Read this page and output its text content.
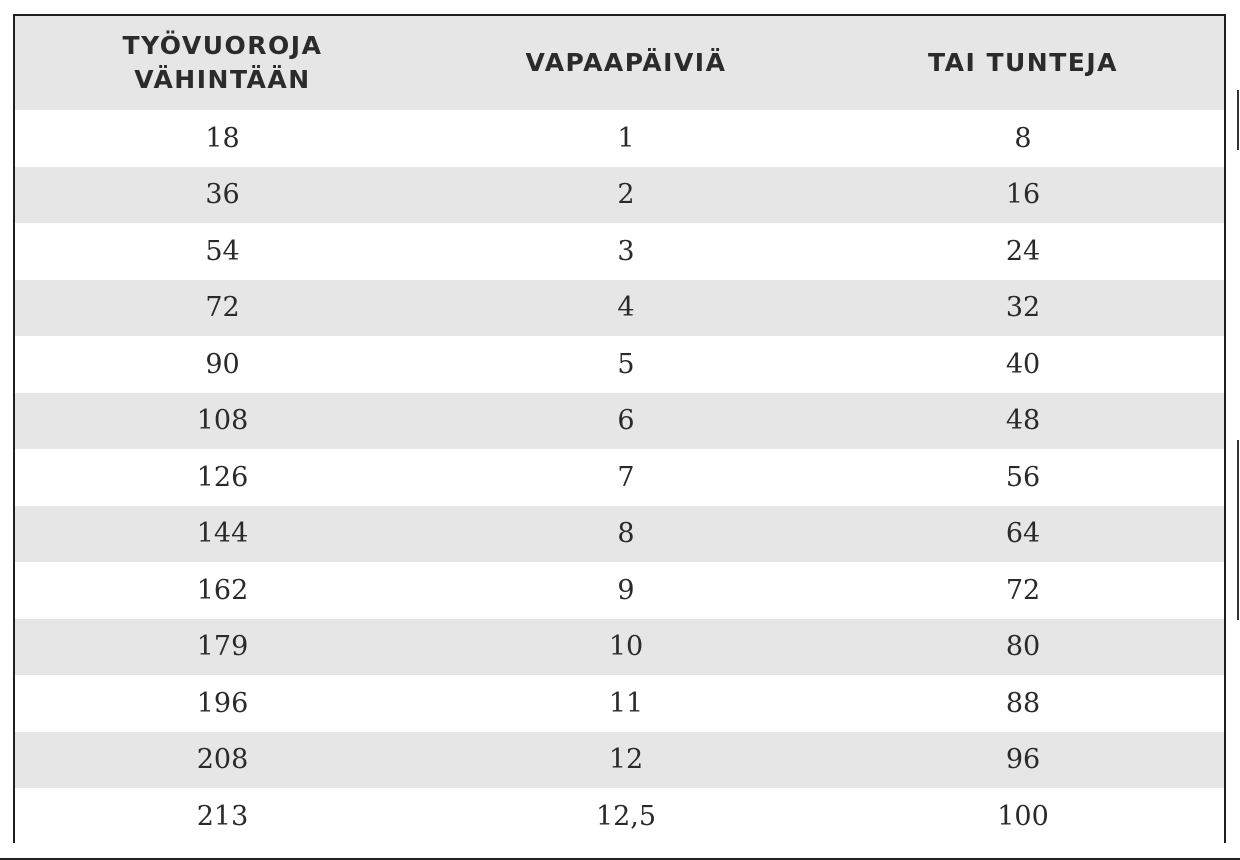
TYÖVUOROJA
VÄHINTÄÄN	VAPAAPÄIVIÄ	TAI TUNTEJA

18	1	8
36	2	16
54	3	24
72	4	32
90	5	40
108	6	48
126	7	56
144	8	64
162	9	72
179	10	80
196	11	88
208	12	96
213	12,5	100
